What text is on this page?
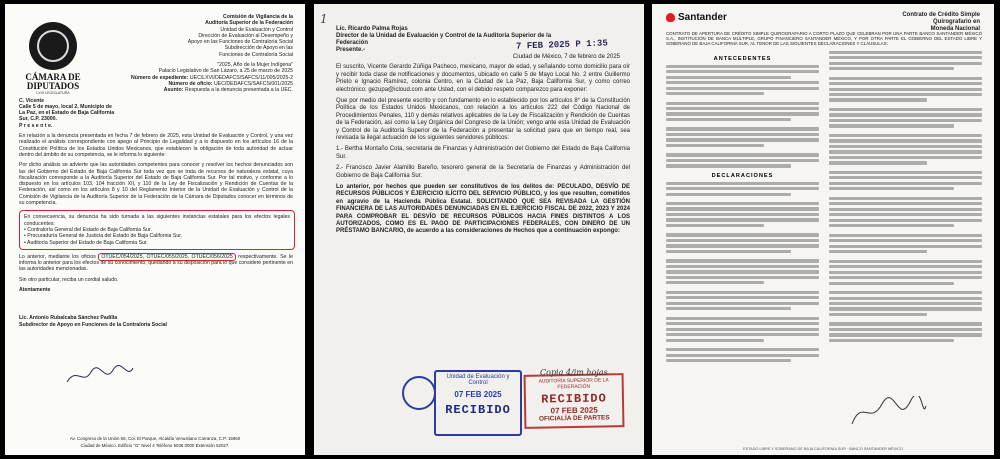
CÁMARA DE
DIPUTADOS
LXVI LEGISLATURA

Comisión de Vigilancia de la

Auditoría Superior de la Federación

Unidad de Evaluación y Control

Dirección de Evaluación al Desempeño y

Apoyo en las Funciones de Contraloría Social

Subdirección de Apoyo en las

Funciones de Contraloría Social

"2025, Año de la Mujer Indígena"

Palacio Legislativo de San Lázaro, a 25 de marzo de 2025

Número de expediente: UEC/LXVI/DEDAFCS/SAFCS/11/005/2025-2

Número de oficio: UEC/DEDAFCS/SAFCS/001/2025

Asunto: Respuesta a la denuncia presentada a la UEC.

C. Vicente

Calle 5 de mayo, local 2, Municipio de

La Paz, en el Estado de Baja California

Sur, C.P. 23000.

P r e s e n t e.

En relación a la denuncia presentada en fecha 7 de febrero de 2025, esta Unidad de Evaluación y Control, y una vez realizado el análisis correspondiente con apego al Principio de Legalidad y a lo dispuesto en los artículos 16 de la Constitución Política de los Estados Unidos Mexicanos, que establecen la obligación de toda autoridad de actuar dentro del ámbito de su competencia, se le informa lo siguiente:

Por dicho análisis se advierte que las autoridades competentes para conocer y resolver los hechos denunciados son las del Gobierno del Estado de Baja California Sur toda vez que se trata de recursos de naturaleza estatal, cuya fiscalización corresponde a la Auditoría Superior del Estado de Baja California Sur. Por tal motivo, y conforme a lo dispuesto en los artículos 103, 104 fracción XII, y 110 de la Ley de Fiscalización y Rendición de Cuentas de la Federación, así como en los artículos 8 y 10 del Reglamento Interior de la Unidad de Evaluación y Control de la Comisión de Vigilancia de la Auditoría Superior de la Federación de la Cámara de Diputados conocer en términos de su competencia.

En consecuencia, su denuncia ha sido turnada a las siguientes instancias estatales para los efectos legales conducentes:

• Contraloría General del Estado de Baja California Sur.

• Procuraduría General de Justicia del Estado de Baja California Sur.

• Auditoría Superior del Estado de Baja California Sur.

Lo anterior, mediante los oficios OTUEC/054/2025, OTUEC/055/2025, OTUEC/056/2025 respectivamente. Se le informa lo anterior para los efectos de su conocimiento, quedando a su disposición para lo que considere pertinente en las autoridades mencionadas.

Sin otro particular, reciba un cordial saludo.

Atentamente

Lic. Antonio Rubalcaba Sánchez Padilla

Subdirector de Apoyo en Funciones de la Contraloría Social

Av. Congreso de la Unión 66, Col. El Parque, Alcaldía Venustiano Carranza, C.P. 15960

Ciudad de México. Edificio "G" Nivel 4 Teléfono 5036 0000 Extensión 52027.

1
7 FEB 2025 P 1:35

Lic. Ricardo Palma Rojas

Director de la Unidad de Evaluación y Control de la Auditoría Superior de la

Federación

Presente.-

Ciudad de México, 7 de febrero de 2025

El suscrito, Vicente Gerardo Zúñiga Pacheco, mexicano, mayor de edad, y señalando como domicilio para oír y recibir toda clase de notificaciones y documentos, ubicado en calle 5 de Mayo Local No. 2 entre Guillermo Prieto e Ignacio Ramírez, colonia Centro, en la Ciudad de La Paz, Baja California Sur, y como correo electrónico: gezupa@icloud.com ante Usted, con el debido respeto comparezco para exponer:

Que por medio del presente escrito y con fundamento en lo establecido por los artículos 8° de la Constitución Política de los Estados Unidos Mexicanos, con relación a los artículos 222 del Código Nacional de Procedimientos Penales, 110 y demás relativos aplicables de la Ley de Fiscalización y Rendición de Cuentas de la Federación, así como la Ley Orgánica del Congreso de la Unión; vengo ante esta Unidad de Evaluación y Control de la Auditoría Superior de la Federación a presentar la solicitud para que en tiempo real, sea revisada la ilegal actuación de los siguientes servidores públicos:

1.- Bertha Montaño Cota, secretaria de Finanzas y Administración del Gobierno del Estado de Baja California Sur.

2.- Francisco Javier Alamillo Bareño, tesorero general de la Secretaría de Finanzas y Administración del Gobierno de Baja California Sur.

Lo anterior, por hechos que pueden ser constitutivos de los delitos de: PECULADO, DESVÍO DE RECURSOS PÚBLICOS Y EJERCICIO ILÍCITO DEL SERVICIO PÚBLICO, y los que resulten, cometidos en agravio de la Hacienda Pública Estatal. SOLICITANDO QUE SEA REVISADA LA GESTIÓN FINANCIERA DE LAS AUTORIDADES DENUNCIADAS EN EL EJERCICIO FISCAL DE 2022, 2023 Y 2024 PARA COMPROBAR EL DESVÍO DE RECURSOS PÚBLICOS HACIA FINES DISTINTOS A LOS AUTORIZADOS, COMO ES EL PAGO DE PARTICIPACIONES FEDERALES, CON DINERO DE UN PRÉSTAMO BANCARIO, de acuerdo a las consideraciones de Hechos que a continuación expongo:

Unidad de Evaluación y Control
07 FEB 2025
RECIBIDO
AUDITORÍA SUPERIOR DE LA FEDERACIÓN
RECIBIDO
07 FEB 2025
OFICIALÍA DE PARTES
Copia 4/im hojas
Santander	Contrato de Crédito Simple Quirografario en
Moneda Nacional

CONTRATO DE APERTURA DE CRÉDITO SIMPLE QUIROGRAFARIO A CORTO PLAZO QUE CELEBRAN POR UNA PARTE BANCO SANTANDER MÉXICO S.A., INSTITUCIÓN DE BANCA MÚLTIPLE, GRUPO FINANCIERO SANTANDER MÉXICO, Y POR OTRA PARTE EL GOBIERNO DEL ESTADO LIBRE Y SOBERANO DE BAJA CALIFORNIA SUR, AL TENOR DE LAS SIGUIENTES DECLARACIONES Y CLÁUSULAS:

ANTECEDENTES
DECLARACIONES
ESTADO LIBRE Y SOBERANO DE BAJA CALIFORNIA SUR · BANCO SANTANDER MÉXICO
